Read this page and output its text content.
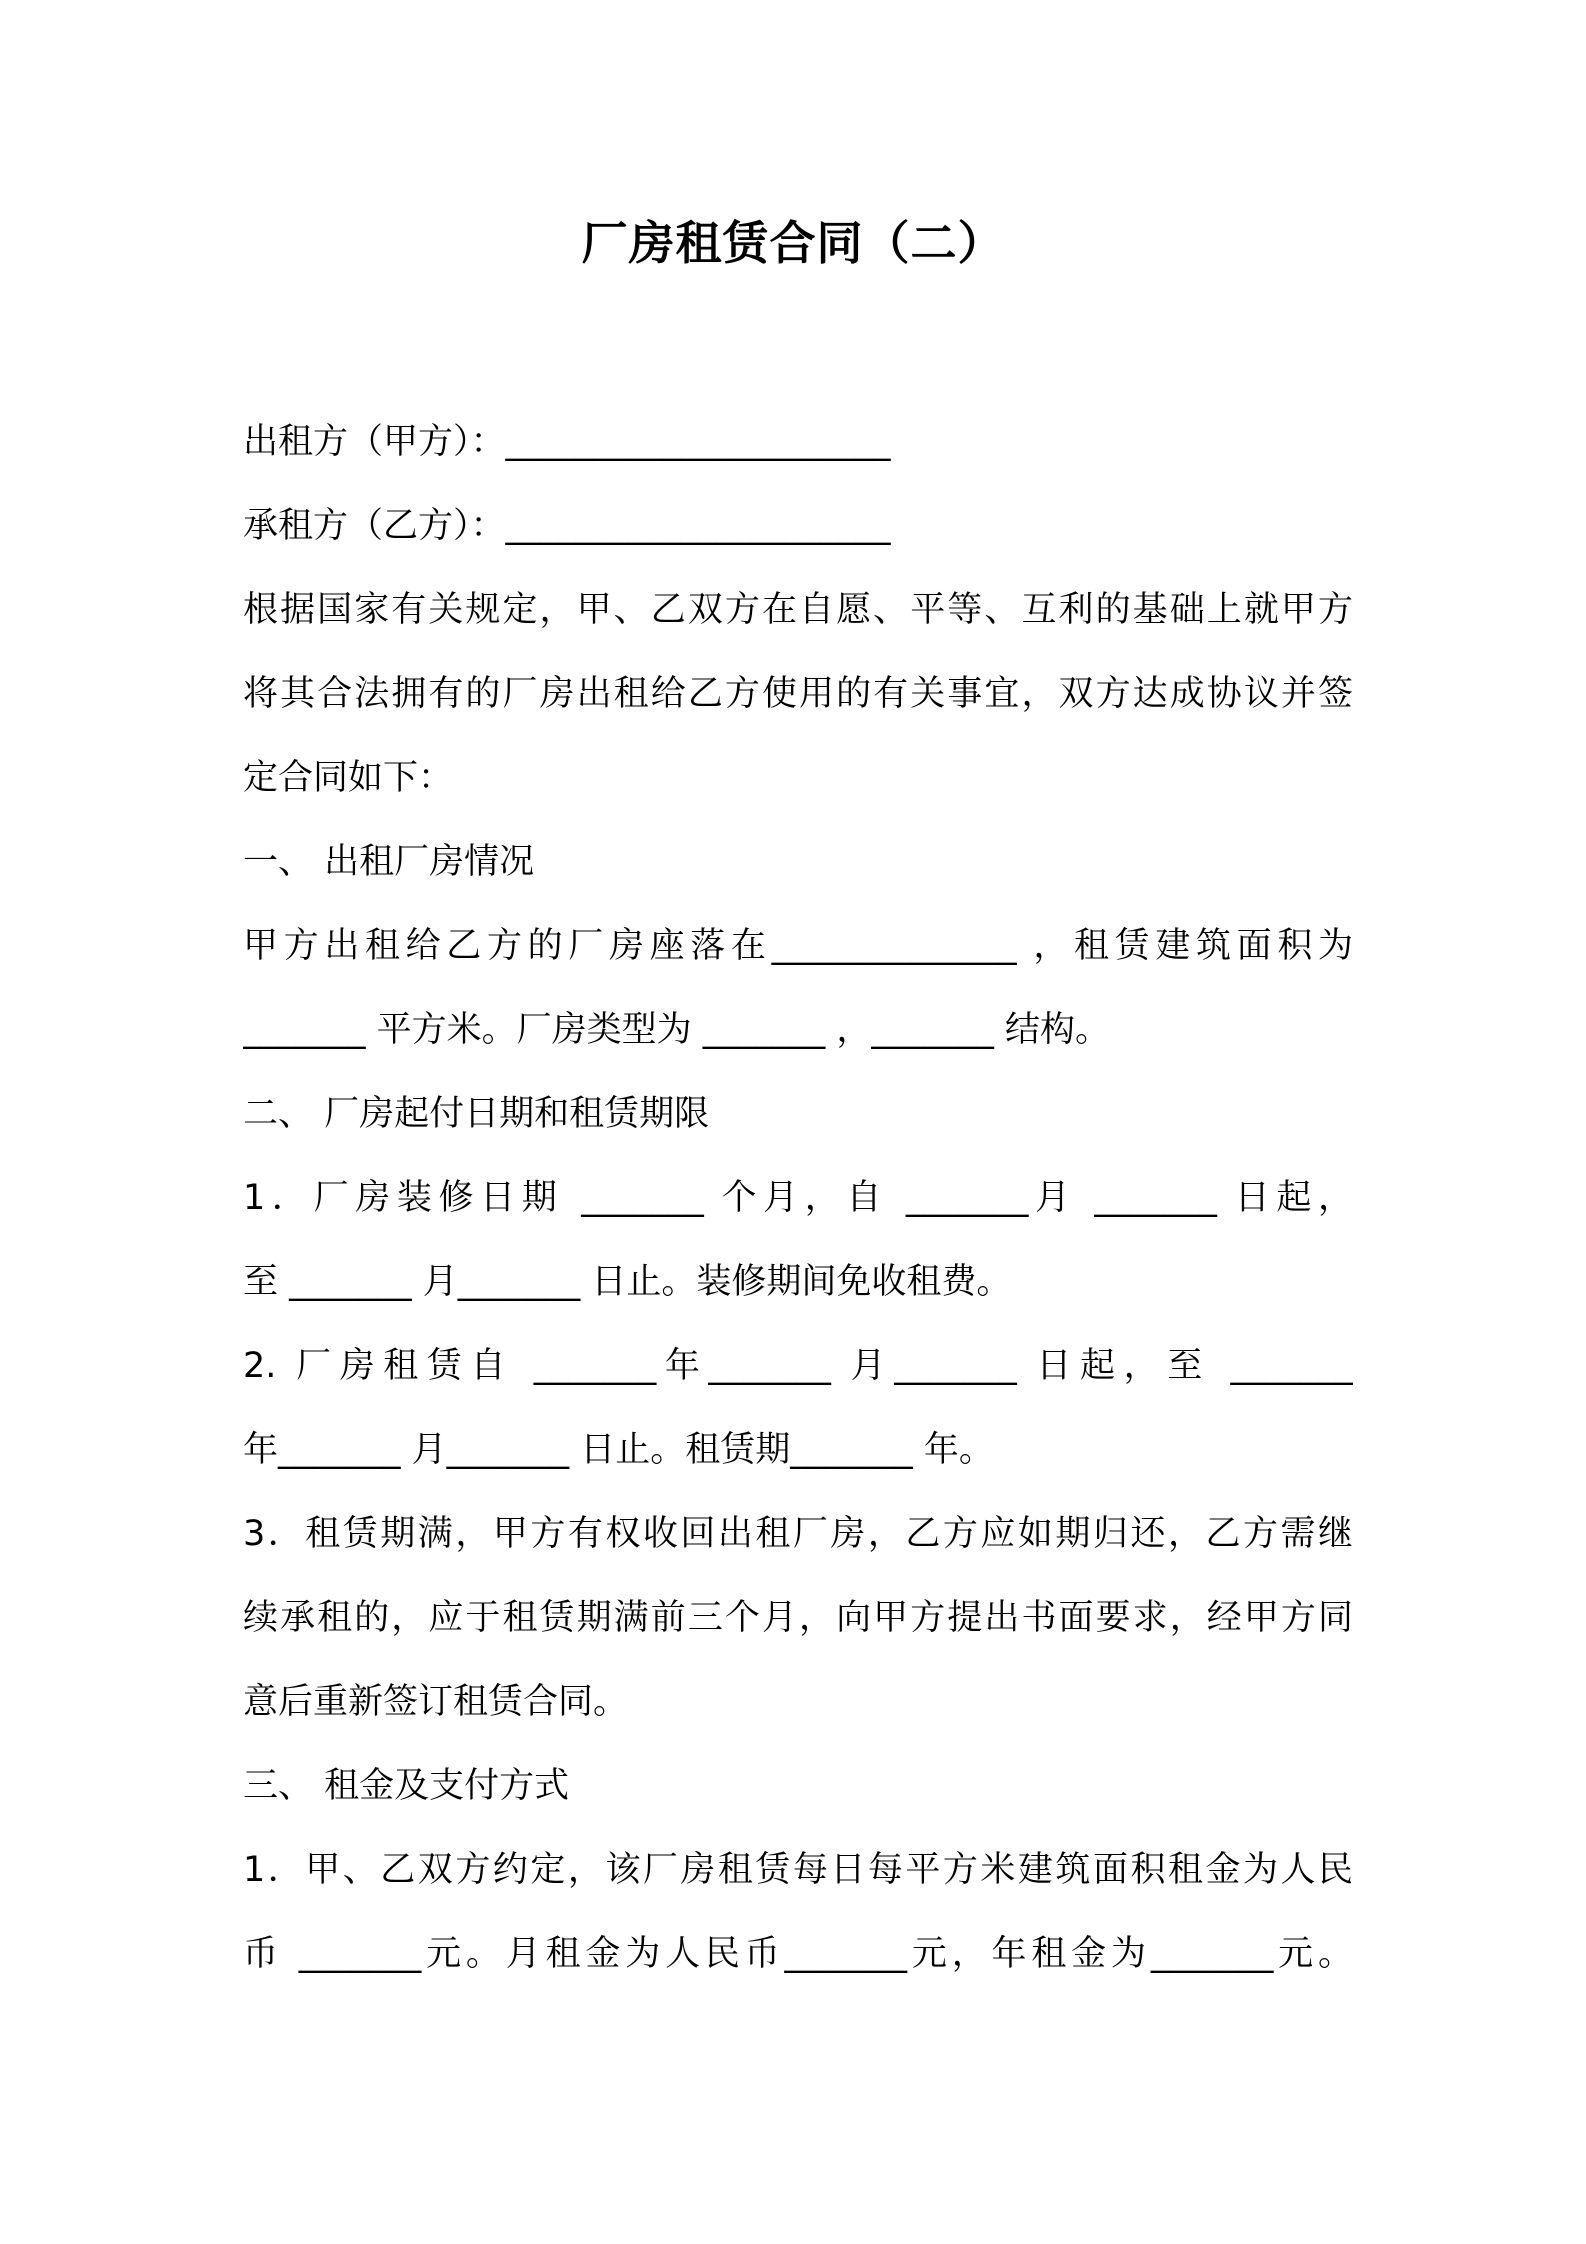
厂房租赁合同（二）
出租方（甲方）：______________________
承租方（乙方）：______________________
根据国家有关规定，甲、乙双方在自愿、平等、互利的基础上就甲方
将其合法拥有的厂房出租给乙方使用的有关事宜，双方达成协议并签
定合同如下：
一、 出租厂房情况
甲方出租给乙方的厂房座落在______________ ，租赁建筑面积为
_______ 平方米。厂房类型为 _______ ，_______ 结构。
二、 厂房起付日期和租赁期限
1．厂房装修日期 _______ 个月，自 _______月 _______ 日起，
至 _______ 月_______ 日止。装修期间免收租费。
2. 厂房租赁自 _______年_______ 月_______ 日起，至 _______
年_______ 月_______ 日止。租赁期_______ 年。
3．租赁期满，甲方有权收回出租厂房，乙方应如期归还，乙方需继
续承租的，应于租赁期满前三个月，向甲方提出书面要求，经甲方同
意后重新签订租赁合同。
三、 租金及支付方式
1．甲、乙双方约定，该厂房租赁每日每平方米建筑面积租金为人民
币 _______元。月租金为人民币_______元，年租金为_______元。
